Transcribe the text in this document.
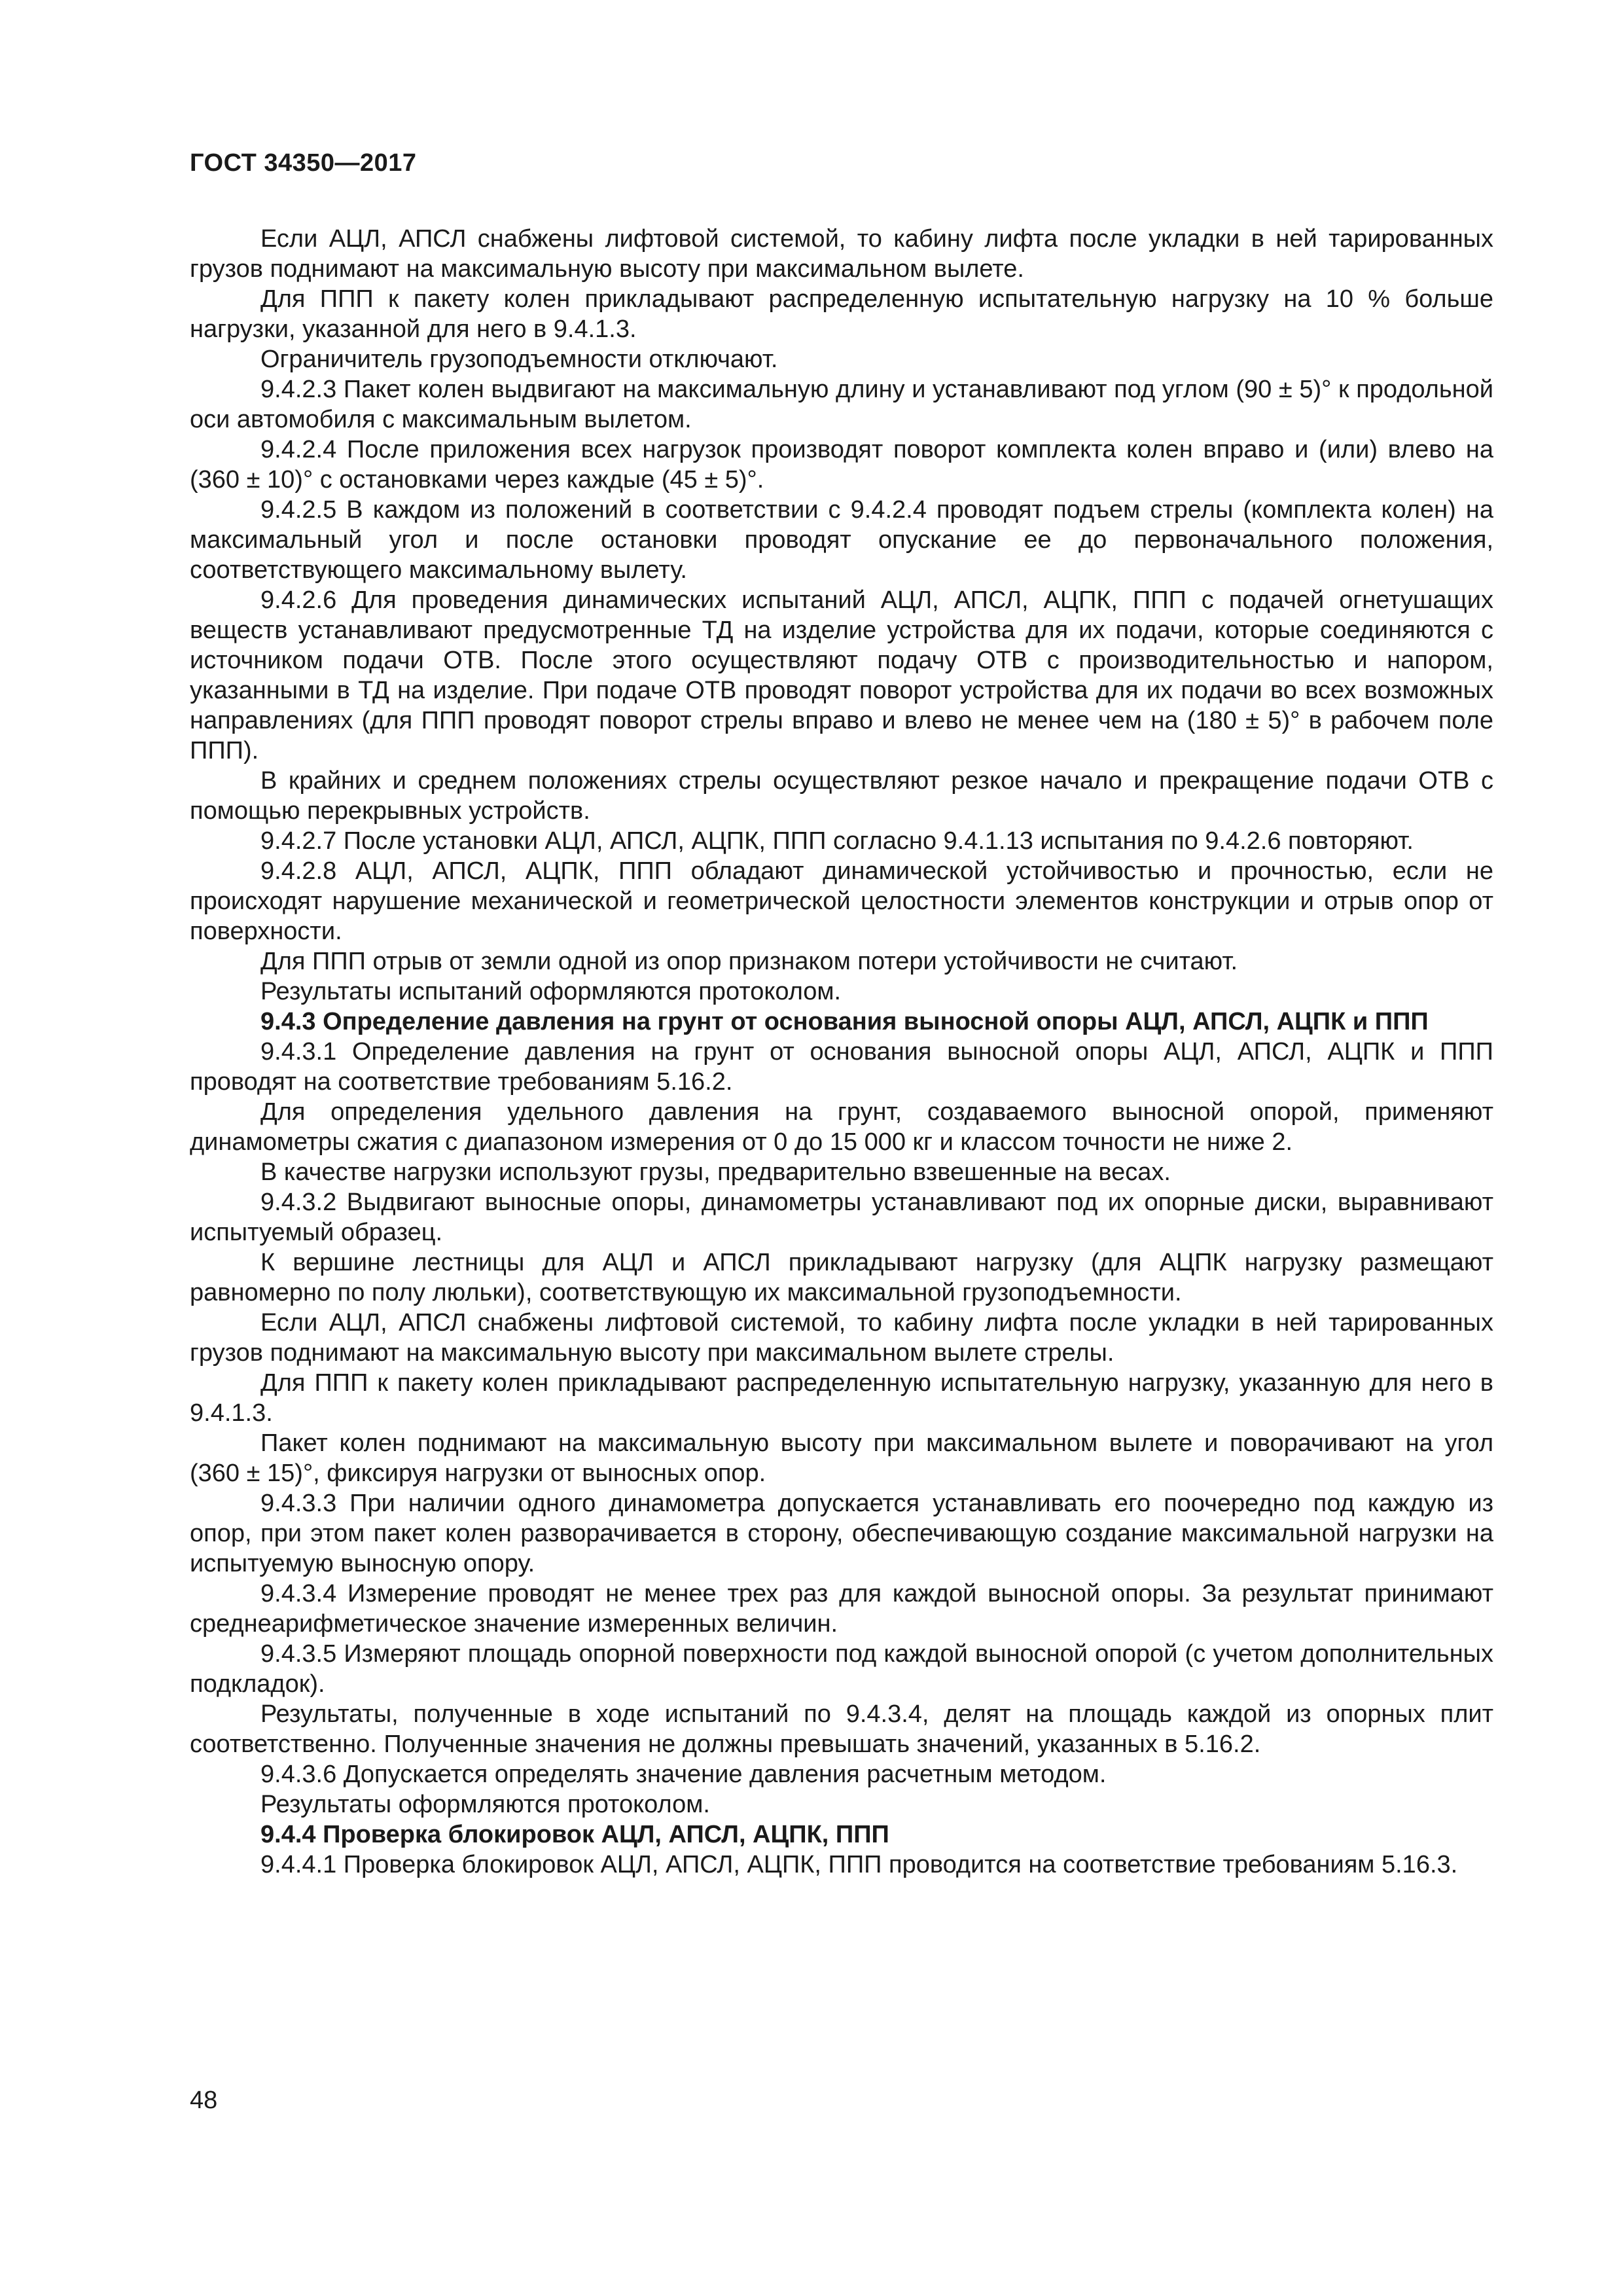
ГОСТ 34350—2017

Если АЦЛ, АПСЛ снабжены лифтовой системой, то кабину лифта после укладки в ней тарированных грузов поднимают на максимальную высоту при максимальном вылете.

Для ППП к пакету колен прикладывают распределенную испытательную нагрузку на 10 % больше нагрузки, указанной для него в 9.4.1.3.

Ограничитель грузоподъемности отключают.

9.4.2.3 Пакет колен выдвигают на максимальную длину и устанавливают под углом (90 ± 5)° к продольной оси автомобиля с максимальным вылетом.

9.4.2.4 После приложения всех нагрузок производят поворот комплекта колен вправо и (или) влево на (360 ± 10)° с остановками через каждые (45 ± 5)°.

9.4.2.5 В каждом из положений в соответствии с 9.4.2.4 проводят подъем стрелы (комплекта колен) на максимальный угол и после остановки проводят опускание ее до первоначального положения, соответствующего максимальному вылету.

9.4.2.6 Для проведения динамических испытаний АЦЛ, АПСЛ, АЦПК, ППП с подачей огнетушащих веществ устанавливают предусмотренные ТД на изделие устройства для их подачи, которые соединяются с источником подачи ОТВ. После этого осуществляют подачу ОТВ с производительностью и напором, указанными в ТД на изделие. При подаче ОТВ проводят поворот устройства для их подачи во всех возможных направлениях (для ППП проводят поворот стрелы вправо и влево не менее чем на (180 ± 5)° в рабочем поле ППП).

В крайних и среднем положениях стрелы осуществляют резкое начало и прекращение подачи ОТВ с помощью перекрывных устройств.

9.4.2.7 После установки АЦЛ, АПСЛ, АЦПК, ППП согласно 9.4.1.13 испытания по 9.4.2.6 повторяют.

9.4.2.8 АЦЛ, АПСЛ, АЦПК, ППП обладают динамической устойчивостью и прочностью, если не происходят нарушение механической и геометрической целостности элементов конструкции и отрыв опор от поверхности.

Для ППП отрыв от земли одной из опор признаком потери устойчивости не считают.

Результаты испытаний оформляются протоколом.

9.4.3 Определение давления на грунт от основания выносной опоры АЦЛ, АПСЛ, АЦПК и ППП

9.4.3.1 Определение давления на грунт от основания выносной опоры АЦЛ, АПСЛ, АЦПК и ППП проводят на соответствие требованиям 5.16.2.

Для определения удельного давления на грунт, создаваемого выносной опорой, применяют динамометры сжатия с диапазоном измерения от 0 до 15 000 кг и классом точности не ниже 2.

В качестве нагрузки используют грузы, предварительно взвешенные на весах.

9.4.3.2 Выдвигают выносные опоры, динамометры устанавливают под их опорные диски, выравнивают испытуемый образец.

К вершине лестницы для АЦЛ и АПСЛ прикладывают нагрузку (для АЦПК нагрузку размещают равномерно по полу люльки), соответствующую их максимальной грузоподъемности.

Если АЦЛ, АПСЛ снабжены лифтовой системой, то кабину лифта после укладки в ней тарированных грузов поднимают на максимальную высоту при максимальном вылете стрелы.

Для ППП к пакету колен прикладывают распределенную испытательную нагрузку, указанную для него в 9.4.1.3.

Пакет колен поднимают на максимальную высоту при максимальном вылете и поворачивают на угол (360 ± 15)°, фиксируя нагрузки от выносных опор.

9.4.3.3 При наличии одного динамометра допускается устанавливать его поочередно под каждую из опор, при этом пакет колен разворачивается в сторону, обеспечивающую создание максимальной нагрузки на испытуемую выносную опору.

9.4.3.4 Измерение проводят не менее трех раз для каждой выносной опоры. За результат принимают среднеарифметическое значение измеренных величин.

9.4.3.5 Измеряют площадь опорной поверхности под каждой выносной опорой (с учетом дополнительных подкладок).

Результаты, полученные в ходе испытаний по 9.4.3.4, делят на площадь каждой из опорных плит соответственно. Полученные значения не должны превышать значений, указанных в 5.16.2.

9.4.3.6 Допускается определять значение давления расчетным методом.

Результаты оформляются протоколом.

9.4.4 Проверка блокировок АЦЛ, АПСЛ, АЦПК, ППП

9.4.4.1 Проверка блокировок АЦЛ, АПСЛ, АЦПК, ППП проводится на соответствие требованиям 5.16.3.

48
